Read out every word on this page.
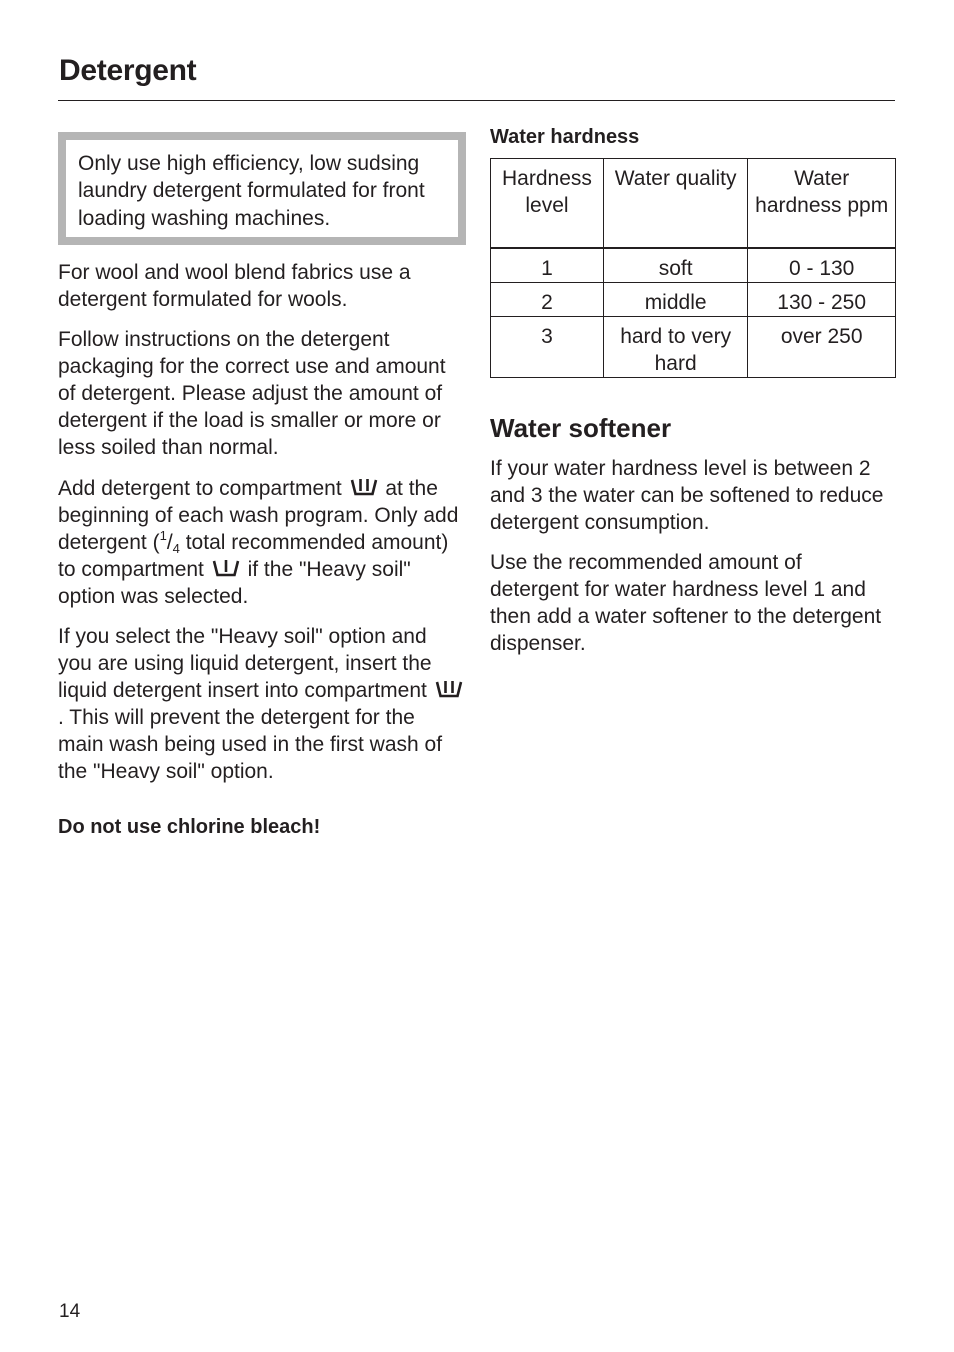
Detergent
Only use high efficiency, low sudsing laundry detergent formulated for front loading washing machines.

For wool and wool blend fabrics use a detergent formulated for wools.

Follow instructions on the detergent packaging for the correct use and amount of detergent. Please adjust the amount of detergent if the load is smaller or more or less soiled than normal.

Add detergent to compartment at the beginning of each wash program. Only add detergent ($^1/_4$ total recommended amount) to compartment if the "Heavy soil" option was selected.

If you select the "Heavy soil" option and you are using liquid detergent, insert the liquid detergent insert into compartment
. This will prevent the detergent for the main wash being used in the first wash of the "Heavy soil" option.

Do not use chlorine bleach!

Water hardness

Hardness level	Water quality	Water hardness ppm
1	soft	0 - 130
2	middle	130 - 250
3	hard to very hard	over 250
Water softener

If your water hardness level is between 2 and 3 the water can be softened to reduce detergent consumption.

Use the recommended amount of detergent for water hardness level 1 and then add a water softener to the detergent dispenser.

14
